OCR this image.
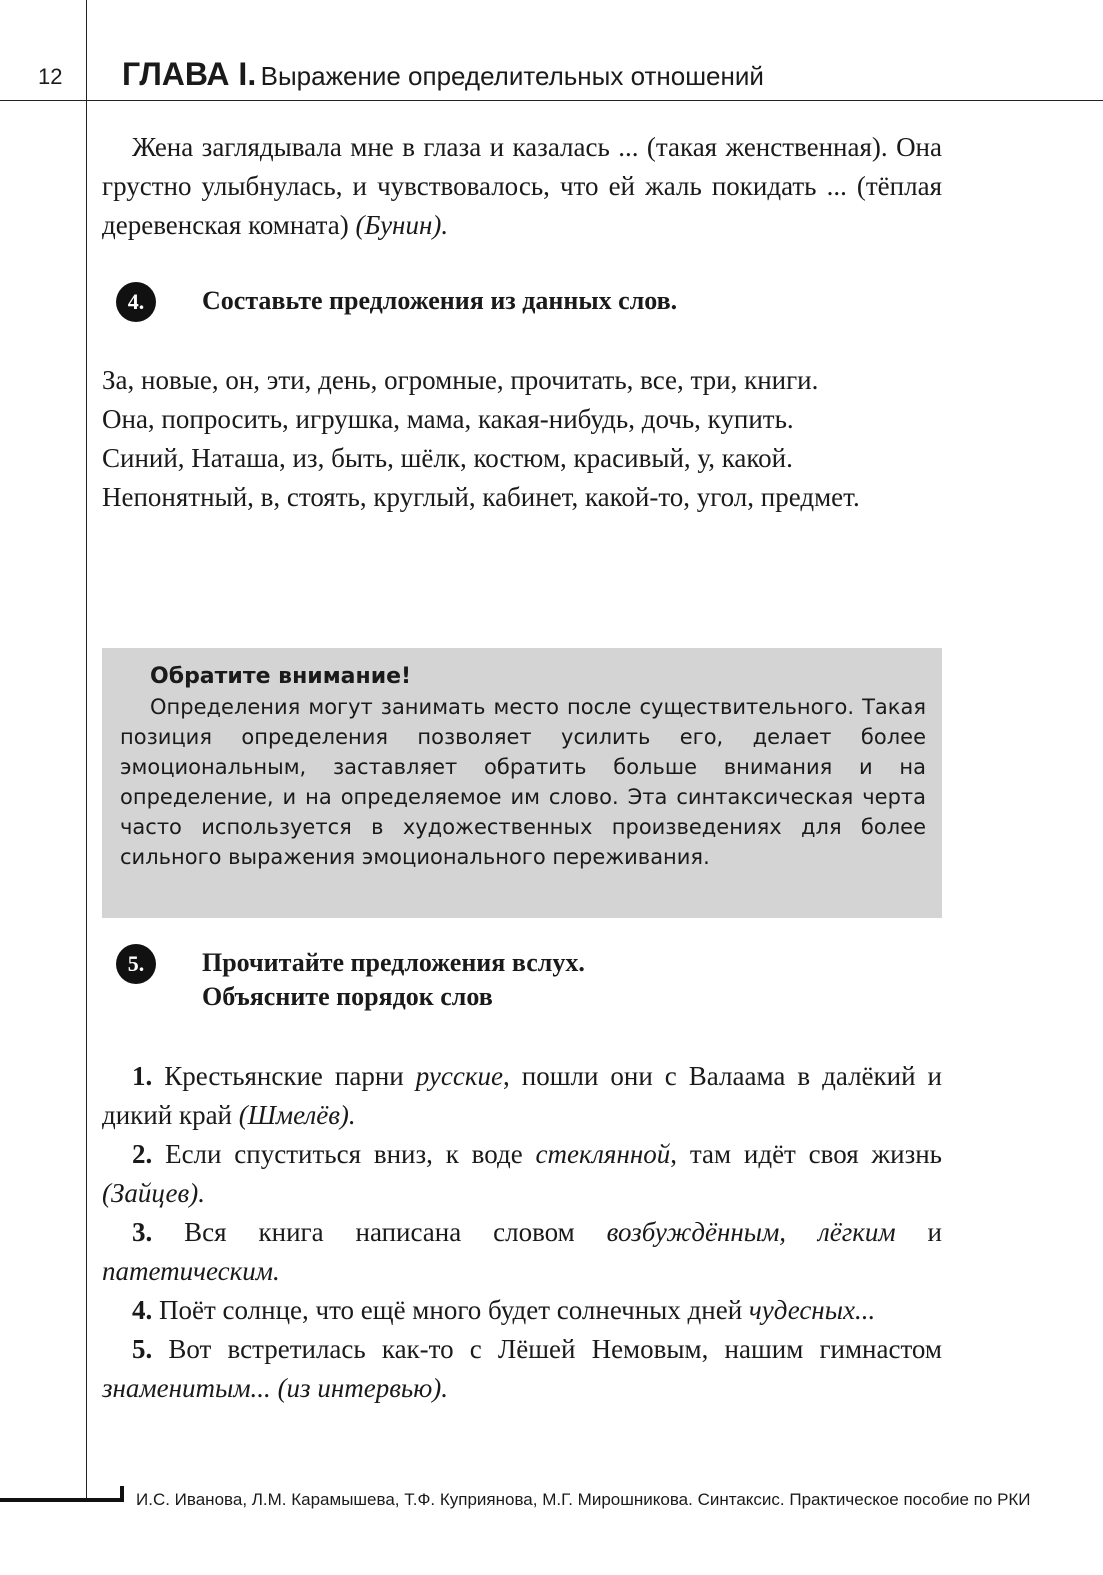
12 ГЛАВА I. Выражение определительных отношений

Жена заглядывала мне в глаза и казалась ... (такая женственная). Она грустно улыбнулась, и чувствовалось, что ей жаль покидать ... (тёплая деревенская комната) (Бунин).

4.	Составьте предложения из данных слов.

За, новые, он, эти, день, огромные, прочитать, все, три, книги.

Она, попросить, игрушка, мама, какая-нибудь, дочь, купить.

Синий, Наташа, из, быть, шёлк, костюм, красивый, у, какой.

Непонятный, в, стоять, круглый, кабинет, какой-то, угол, предмет.

Обратите внимание!

Определения могут занимать место после существительного. Такая позиция определения позволяет усилить его, делает более эмоциональным, заставляет обратить больше внимания и на определение, и на определяемое им слово. Эта синтаксическая черта часто используется в художественных произведениях для более сильного выражения эмоционального переживания.

5.	Прочитайте предложения вслух.
Объясните порядок слов

1. Крестьянские парни русские, пошли они с Валаама в далёкий и дикий край (Шмелёв).

2. Если спуститься вниз, к воде стеклянной, там идёт своя жизнь (Зайцев).

3. Вся книга написана словом возбуждённым, лёгким и патетическим.

4. Поёт солнце, что ещё много будет солнечных дней чудесных...

5. Вот встретилась как-то с Лёшей Немовым, нашим гимнастом знаменитым... (из интервью).

И.С. Иванова, Л.М. Карамышева, Т.Ф. Куприянова, М.Г. Мирошникова. Синтаксис. Практическое пособие по РКИ
